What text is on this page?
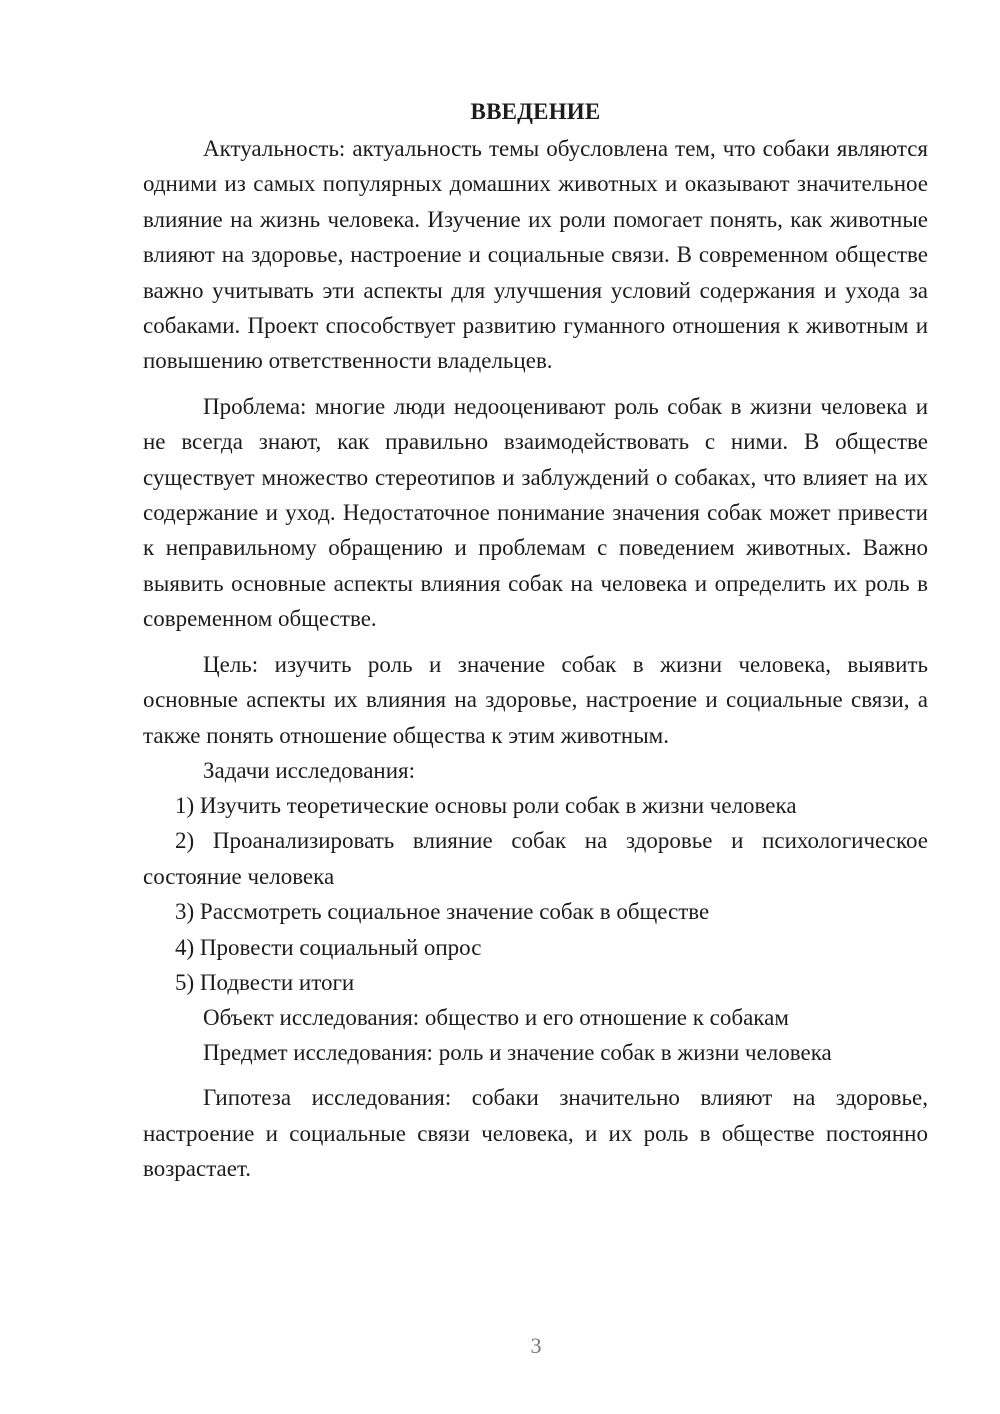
ВВЕДЕНИЕ

Актуальность: актуальность темы обусловлена тем, что собаки являются одними из самых популярных домашних животных и оказывают значительное влияние на жизнь человека. Изучение их роли помогает понять, как животные влияют на здоровье, настроение и социальные связи. В современном обществе важно учитывать эти аспекты для улучшения условий содержания и ухода за собаками. Проект способствует развитию гуманного отношения к животным и повышению ответственности владельцев.

Проблема: многие люди недооценивают роль собак в жизни человека и не всегда знают, как правильно взаимодействовать с ними. В обществе существует множество стереотипов и заблуждений о собаках, что влияет на их содержание и уход. Недостаточное понимание значения собак может привести к неправильному обращению и проблемам с поведением животных. Важно выявить основные аспекты влияния собак на человека и определить их роль в современном обществе.

Цель: изучить роль и значение собак в жизни человека, выявить основные аспекты их влияния на здоровье, настроение и социальные связи, а также понять отношение общества к этим животным.

Задачи исследования:

1) Изучить теоретические основы роли собак в жизни человека

2) Проанализировать влияние собак на здоровье и психологическое состояние человека

3) Рассмотреть социальное значение собак в обществе

4) Провести социальный опрос

5) Подвести итоги

Объект исследования: общество и его отношение к собакам

Предмет исследования: роль и значение собак в жизни человека

Гипотеза исследования: собаки значительно влияют на здоровье, настроение и социальные связи человека, и их роль в обществе постоянно возрастает.

3
